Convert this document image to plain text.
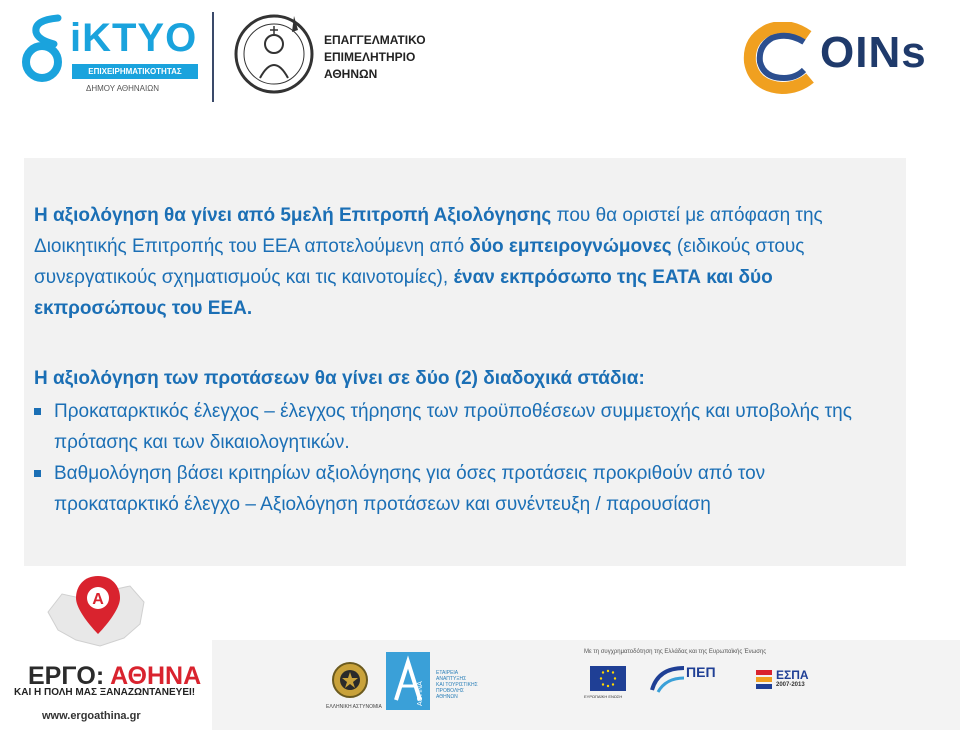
iKTYO
ΕΠΙΧΕΙΡΗΜΑΤΙΚΟΤΗΤΑΣ
ΔΗΜΟΥ ΑΘΗΝΑΙΩΝ
ΕΠΑΓΓΕΛΜΑΤΙΚΟ
ΕΠΙΜΕΛΗΤΗΡΙΟ
ΑΘΗΝΩΝ	OINs
Η αξιολόγηση θα γίνει από 5μελή Επιτροπή Αξιολόγησης που θα οριστεί με απόφαση της Διοικητικής Επιτροπής του ΕΕΑ αποτελούμενη από δύο εμπειρογνώμονες (ειδικούς στους συνεργατικούς σχηματισμούς και τις καινοτομίες), έναν εκπρόσωπο της ΕΑΤΑ και δύο εκπροσώπους του ΕΕΑ.
Η αξιολόγηση των προτάσεων θα γίνει σε δύο (2) διαδοχικά στάδια:
Προκαταρκτικός έλεγχος – έλεγχος τήρησης των προϋποθέσεων συμμετοχής και υποβολής της πρότασης και των δικαιολογητικών.
Βαθμολόγηση βάσει κριτηρίων αξιολόγησης για όσες προτάσεις προκριθούν από τον προκαταρκτικό έλεγχο – Αξιολόγηση προτάσεων και συνέντευξη / παρουσίαση
A
ΕΡΓΟ: ΑΘΗΝΑ
ΚΑΙ Η ΠΟΛΗ ΜΑΣ ΞΑΝΑΖΩΝΤΑΝΕΥΕΙ!
www.ergoathina.gr
ΕΛΛΗΝΙΚΗ ΑΣΤΥΝΟΜΙΑ
ΑΘΗΝΑ
ΕΤΑΙΡΕΙΑ
ΑΝΑΠΤΥΞΗΣ
ΚΑΙ ΤΟΥΡΙΣΤΙΚΗΣ
ΠΡΟΒΟΛΗΣ
ΑΘΗΝΩΝ
Με τη συγχρηματοδότηση της Ελλάδας και της Ευρωπαϊκής Ένωσης
ΕΥΡΩΠΑΪΚΗ ΕΝΩΣΗ
ΠΕΠ	ΕΣΠΑ
2007-2013
